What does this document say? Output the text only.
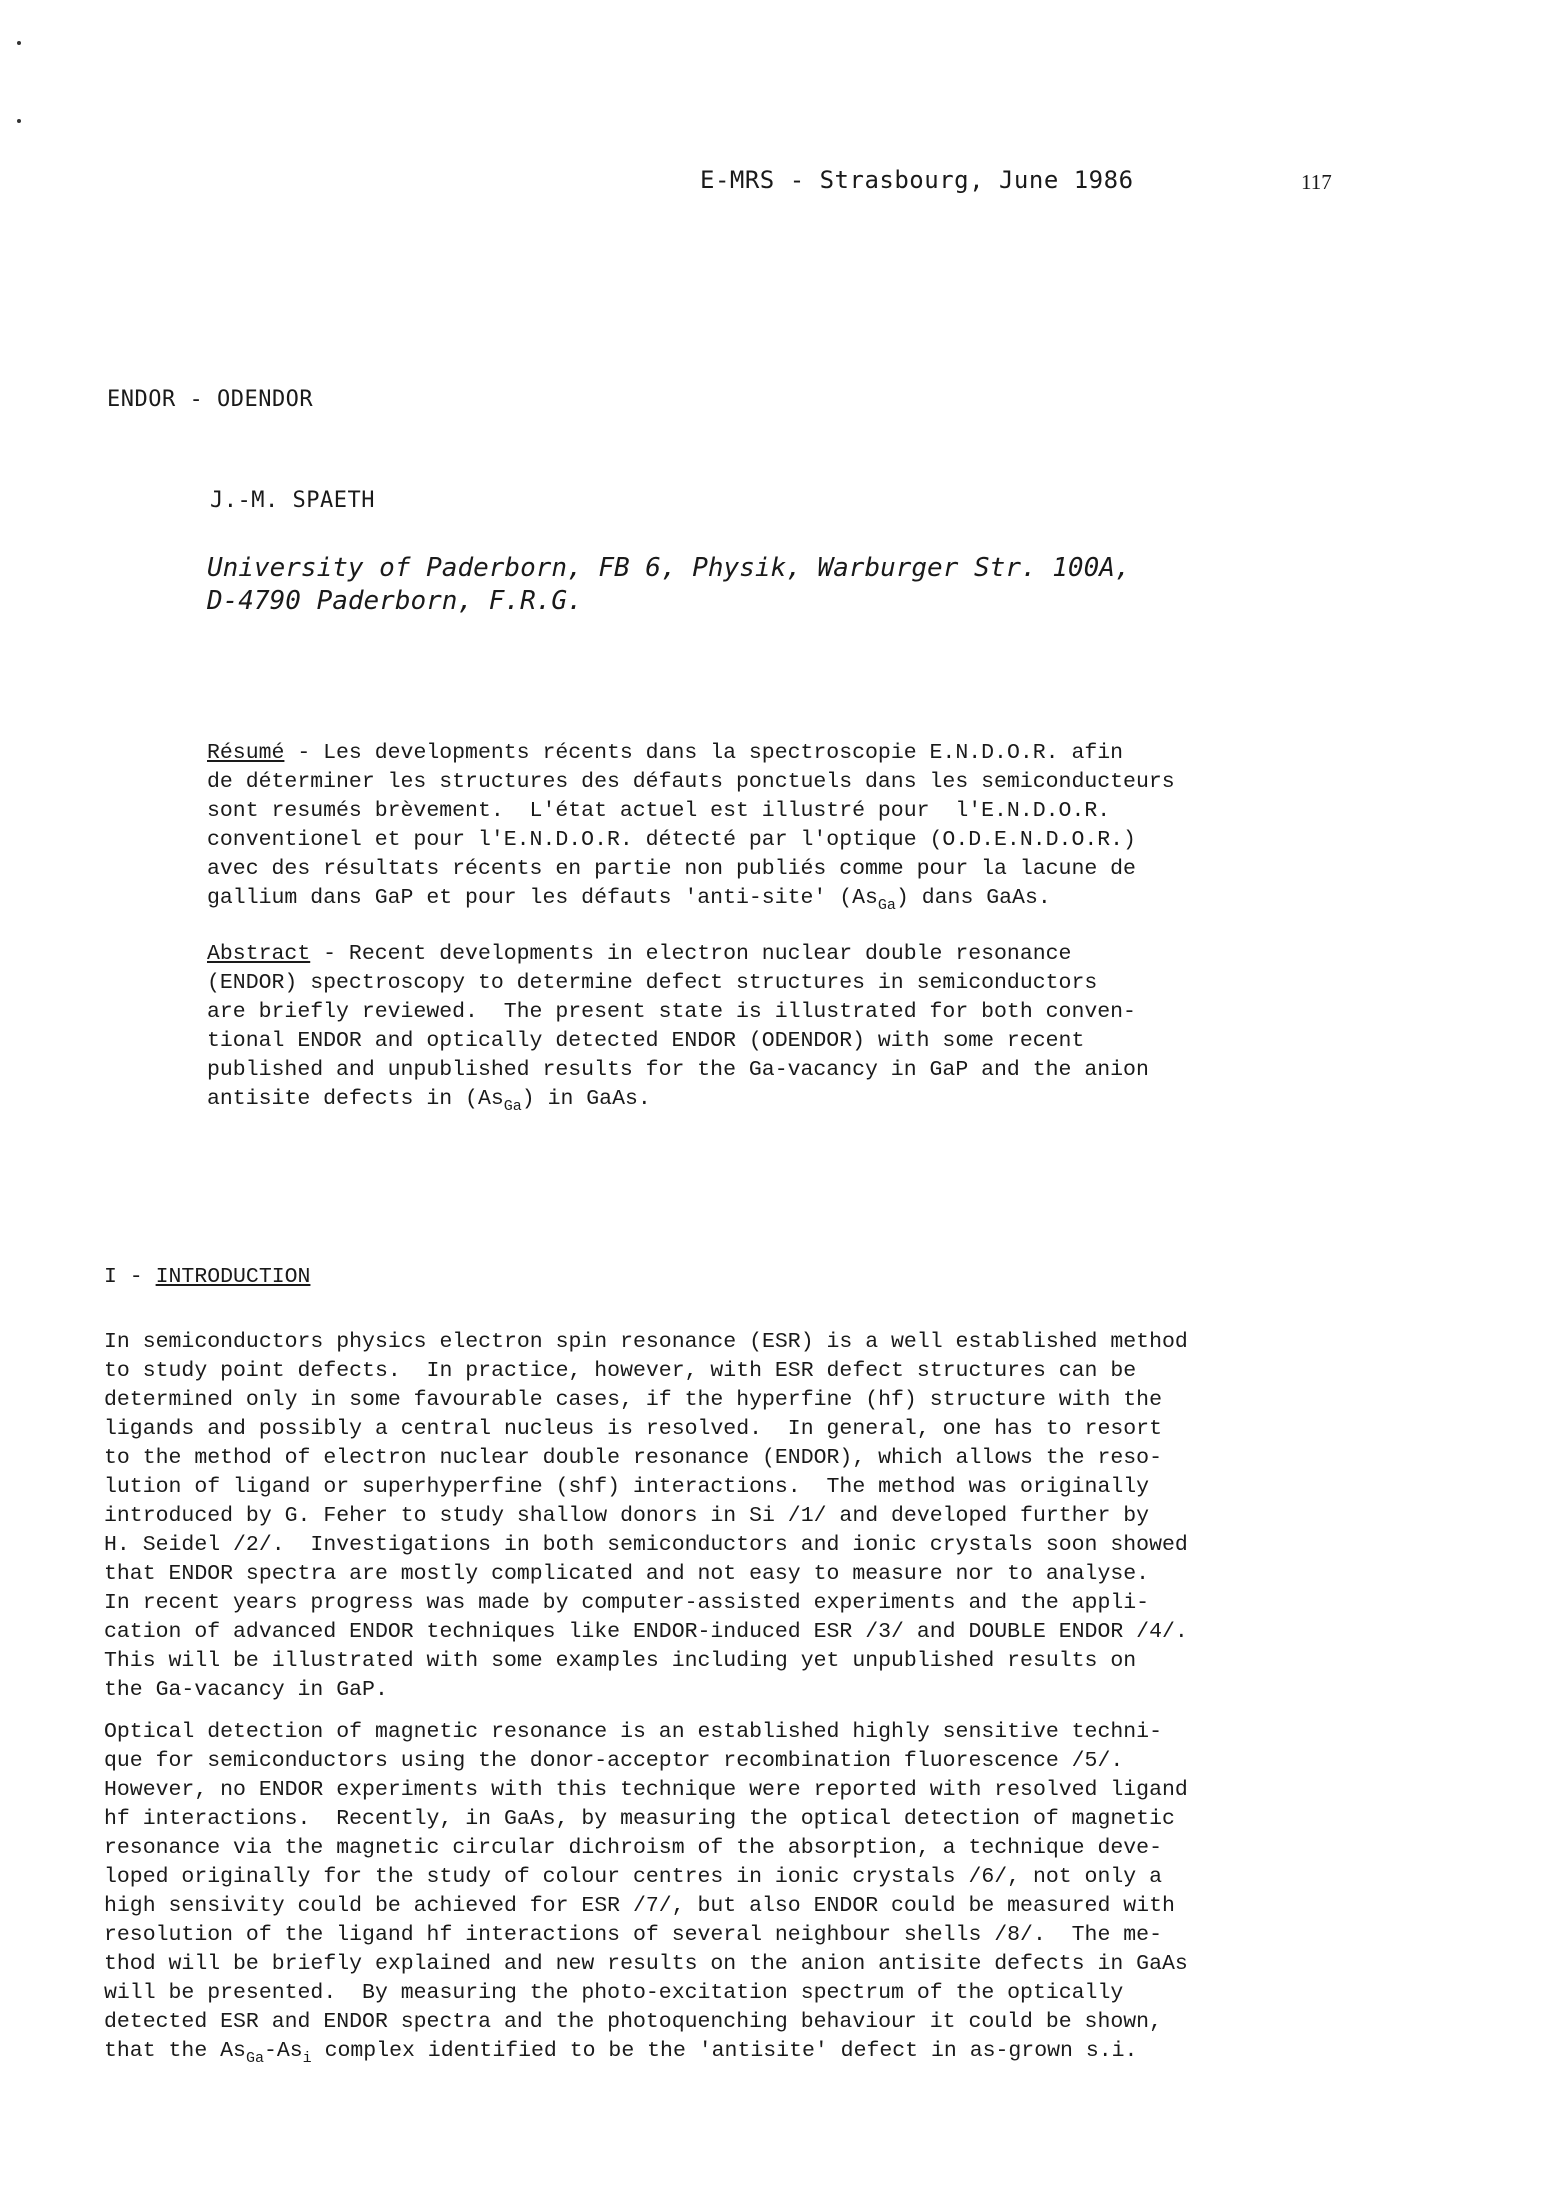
E-MRS - Strasbourg, June 1986	117
ENDOR - ODENDOR
J.-M. SPAETH
University of Paderborn, FB 6, Physik, Warburger Str. 100A,
D-4790 Paderborn, F.R.G.
Résumé - Les developments récents dans la spectroscopie E.N.D.O.R. afin
de déterminer les structures des défauts ponctuels dans les semiconducteurs
sont resumés brèvement.  L'état actuel est illustré pour  l'E.N.D.O.R.
conventionel et pour l'E.N.D.O.R. détecté par l'optique (O.D.E.N.D.O.R.)
avec des résultats récents en partie non publiés comme pour la lacune de
gallium dans GaP et pour les défauts 'anti-site' $(As_{Ga})$ dans GaAs.
Abstract - Recent developments in electron nuclear double resonance
(ENDOR) spectroscopy to determine defect structures in semiconductors
are briefly reviewed.  The present state is illustrated for both conven-
tional ENDOR and optically detected ENDOR (ODENDOR) with some recent
published and unpublished results for the Ga-vacancy in GaP and the anion
antisite defects in $(As_{Ga})$ in GaAs.
I - INTRODUCTION
In semiconductors physics electron spin resonance (ESR) is a well established method
to study point defects.  In practice, however, with ESR defect structures can be
determined only in some favourable cases, if the hyperfine (hf) structure with the
ligands and possibly a central nucleus is resolved.  In general, one has to resort
to the method of electron nuclear double resonance (ENDOR), which allows the reso-
lution of ligand or superhyperfine (shf) interactions.  The method was originally
introduced by G. Feher to study shallow donors in Si /1/ and developed further by
H. Seidel /2/.  Investigations in both semiconductors and ionic crystals soon showed
that ENDOR spectra are mostly complicated and not easy to measure nor to analyse.
In recent years progress was made by computer-assisted experiments and the appli-
cation of advanced ENDOR techniques like ENDOR-induced ESR /3/ and DOUBLE ENDOR /4/.
This will be illustrated with some examples including yet unpublished results on
the Ga-vacancy in GaP.
Optical detection of magnetic resonance is an established highly sensitive techni-
que for semiconductors using the donor-acceptor recombination fluorescence /5/.
However, no ENDOR experiments with this technique were reported with resolved ligand
hf interactions.  Recently, in GaAs, by measuring the optical detection of magnetic
resonance via the magnetic circular dichroism of the absorption, a technique deve-
loped originally for the study of colour centres in ionic crystals /6/, not only a
high sensivity could be achieved for ESR /7/, but also ENDOR could be measured with
resolution of the ligand hf interactions of several neighbour shells /8/.  The me-
thod will be briefly explained and new results on the anion antisite defects in GaAs
will be presented.  By measuring the photo-excitation spectrum of the optically
detected ESR and ENDOR spectra and the photoquenching behaviour it could be shown,
that the $As_{Ga}-As_i$ complex identified to be the 'antisite' defect in as-grown s.i.
